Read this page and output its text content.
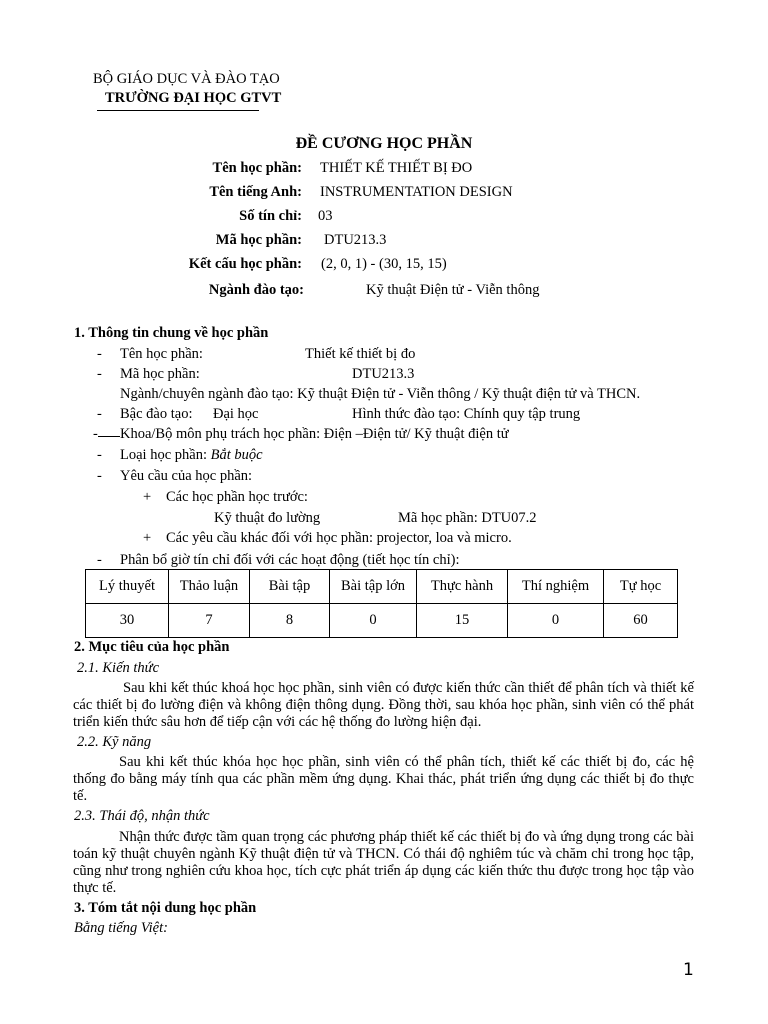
BỘ GIÁO DỤC VÀ ĐÀO TẠO
TRƯỜNG ĐẠI HỌC GTVT
ĐỀ CƯƠNG HỌC PHẦN
Tên học phần: THIẾT KẾ THIẾT BỊ ĐO
Tên tiếng Anh: INSTRUMENTATION DESIGN
Số tín chỉ: 03
Mã học phần: DTU213.3
Kết cấu học phần: (2, 0, 1) - (30, 15, 15)
Ngành đào tạo:	Kỹ thuật Điện tử - Viễn thông
1. Thông tin chung về học phần
- Tên học phần:	Thiết kế thiết bị đo
- Mã học phần:	DTU213.3
Ngành/chuyên ngành đào tạo: Kỹ thuật Điện tử - Viễn thông / Kỹ thuật điện tử và THCN.
- Bậc đào tạo: Đại học	Hình thức đào tạo: Chính quy tập trung
- Khoa/Bộ môn phụ trách học phần: Điện –Điện tử/ Kỹ thuật điện tử
- Loại học phần: Bắt buộc
- Yêu cầu của học phần:
+ Các học phần học trước:
Kỹ thuật đo lường	Mã học phần: DTU07.2
+ Các yêu cầu khác đối với học phần: projector, loa và micro.
- Phân bổ giờ tín chỉ đối với các hoạt động (tiết học tín chỉ):
Lý thuyết	Thảo luận	Bài tập	Bài tập lớn	Thực hành	Thí nghiệm	Tự học
30	7	8	0	15	0	60
2. Mục tiêu của học phần
2.1. Kiến thức

Sau khi kết thúc khoá học học phần, sinh viên có được kiến thức cần thiết để phân tích và thiết kế các thiết bị đo lường điện và không điện thông dụng. Đồng thời, sau khóa học phần, sinh viên có thể phát triển kiến thức sâu hơn để tiếp cận với các hệ thống đo lường hiện đại.

2.2. Kỹ năng

Sau khi kết thúc khóa học học phần, sinh viên có thể phân tích, thiết kế các thiết bị đo, các hệ thống đo bằng máy tính qua các phần mềm ứng dụng. Khai thác, phát triển ứng dụng các thiết bị đo thực tế.

2.3. Thái độ, nhận thức

Nhận thức được tầm quan trọng các phương pháp thiết kế các thiết bị đo và ứng dụng trong các bài toán kỹ thuật chuyên ngành Kỹ thuật điện tử và THCN. Có thái độ nghiêm túc và chăm chỉ trong học tập, cũng như trong nghiên cứu khoa học, tích cực phát triển áp dụng các kiến thức thu được trong học tập vào thực tế.

3. Tóm tắt nội dung học phần
Bằng tiếng Việt:
1
